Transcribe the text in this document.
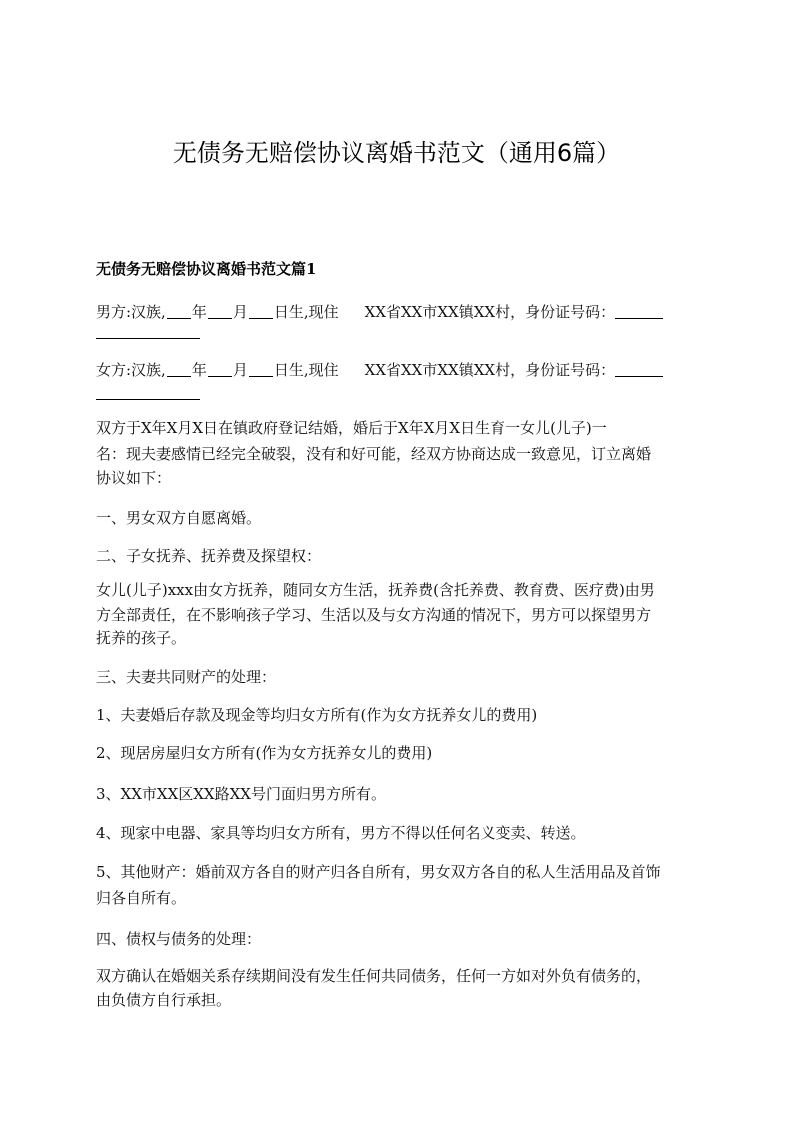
无债务无赔偿协议离婚书范文（通用6篇）
无债务无赔偿协议离婚书范文篇1
男方:汉族, 年 月 日生,现住 XX省XX市XX镇XX村，身份证号码：
女方:汉族, 年 月 日生,现住 XX省XX市XX镇XX村，身份证号码：
双方于X年X月X日在镇政府登记结婚，婚后于X年X月X日生育一女儿(儿子)一
名：现夫妻感情已经完全破裂，没有和好可能，经双方协商达成一致意见，订立离婚
协议如下：
一、男女双方自愿离婚。
二、子女抚养、抚养费及探望权：
女儿(儿子)xxx由女方抚养，随同女方生活，抚养费(含托养费、教育费、医疗费)由男
方全部责任，在不影响孩子学习、生活以及与女方沟通的情况下，男方可以探望男方
抚养的孩子。
三、夫妻共同财产的处理：
1、夫妻婚后存款及现金等均归女方所有(作为女方抚养女儿的费用)
2、现居房屋归女方所有(作为女方抚养女儿的费用)
3、XX市XX区XX路XX号门面归男方所有。
4、现家中电器、家具等均归女方所有，男方不得以任何名义变卖、转送。
5、其他财产：婚前双方各自的财产归各自所有，男女双方各自的私人生活用品及首饰
归各自所有。
四、债权与债务的处理：
双方确认在婚姻关系存续期间没有发生任何共同债务，任何一方如对外负有债务的，
由负债方自行承担。
